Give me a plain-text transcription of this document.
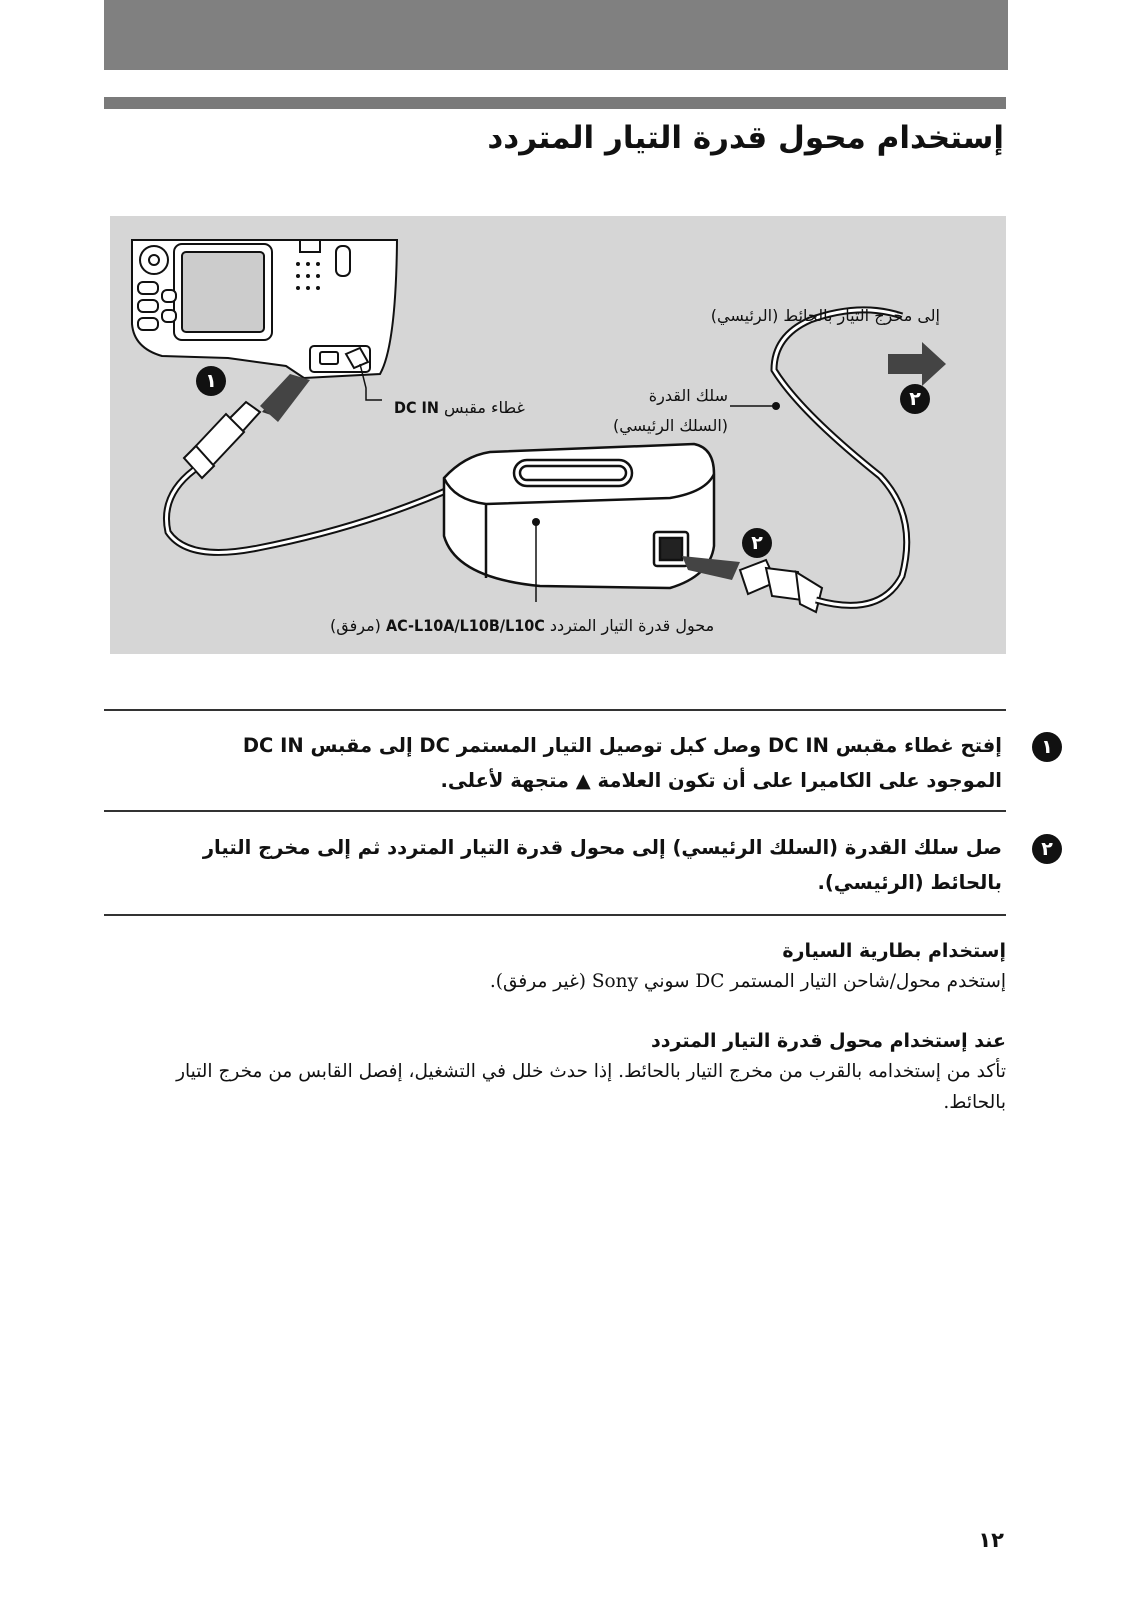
إستخدام محول قدرة التيار المتردد
إلى مخرج التيار بالحائط (الرئيسي)
سلك القدرة
(السلك الرئيسي)
DC IN غطاء مقبس
(مرفق) AC-L10A/L10B/L10C محول قدرة التيار المتردد
١
٢
٢
١
إفتح غطاء مقبس DC IN وصل كبل توصيل التيار المستمر DC إلى مقبس DC IN الموجود على الكاميرا على أن تكون العلامة ▲ متجهة لأعلى.
٢
صل سلك القدرة (السلك الرئيسي) إلى محول قدرة التيار المتردد ثم إلى مخرج التيار بالحائط (الرئيسي).
إستخدام بطارية السيارة
إستخدم محول/شاحن التيار المستمر DC سوني Sony (غير مرفق).
عند إستخدام محول قدرة التيار المتردد
تأكد من إستخدامه بالقرب من مخرج التيار بالحائط. إذا حدث خلل في التشغيل، إفصل القابس من مخرج التيار بالحائط.
١٢
